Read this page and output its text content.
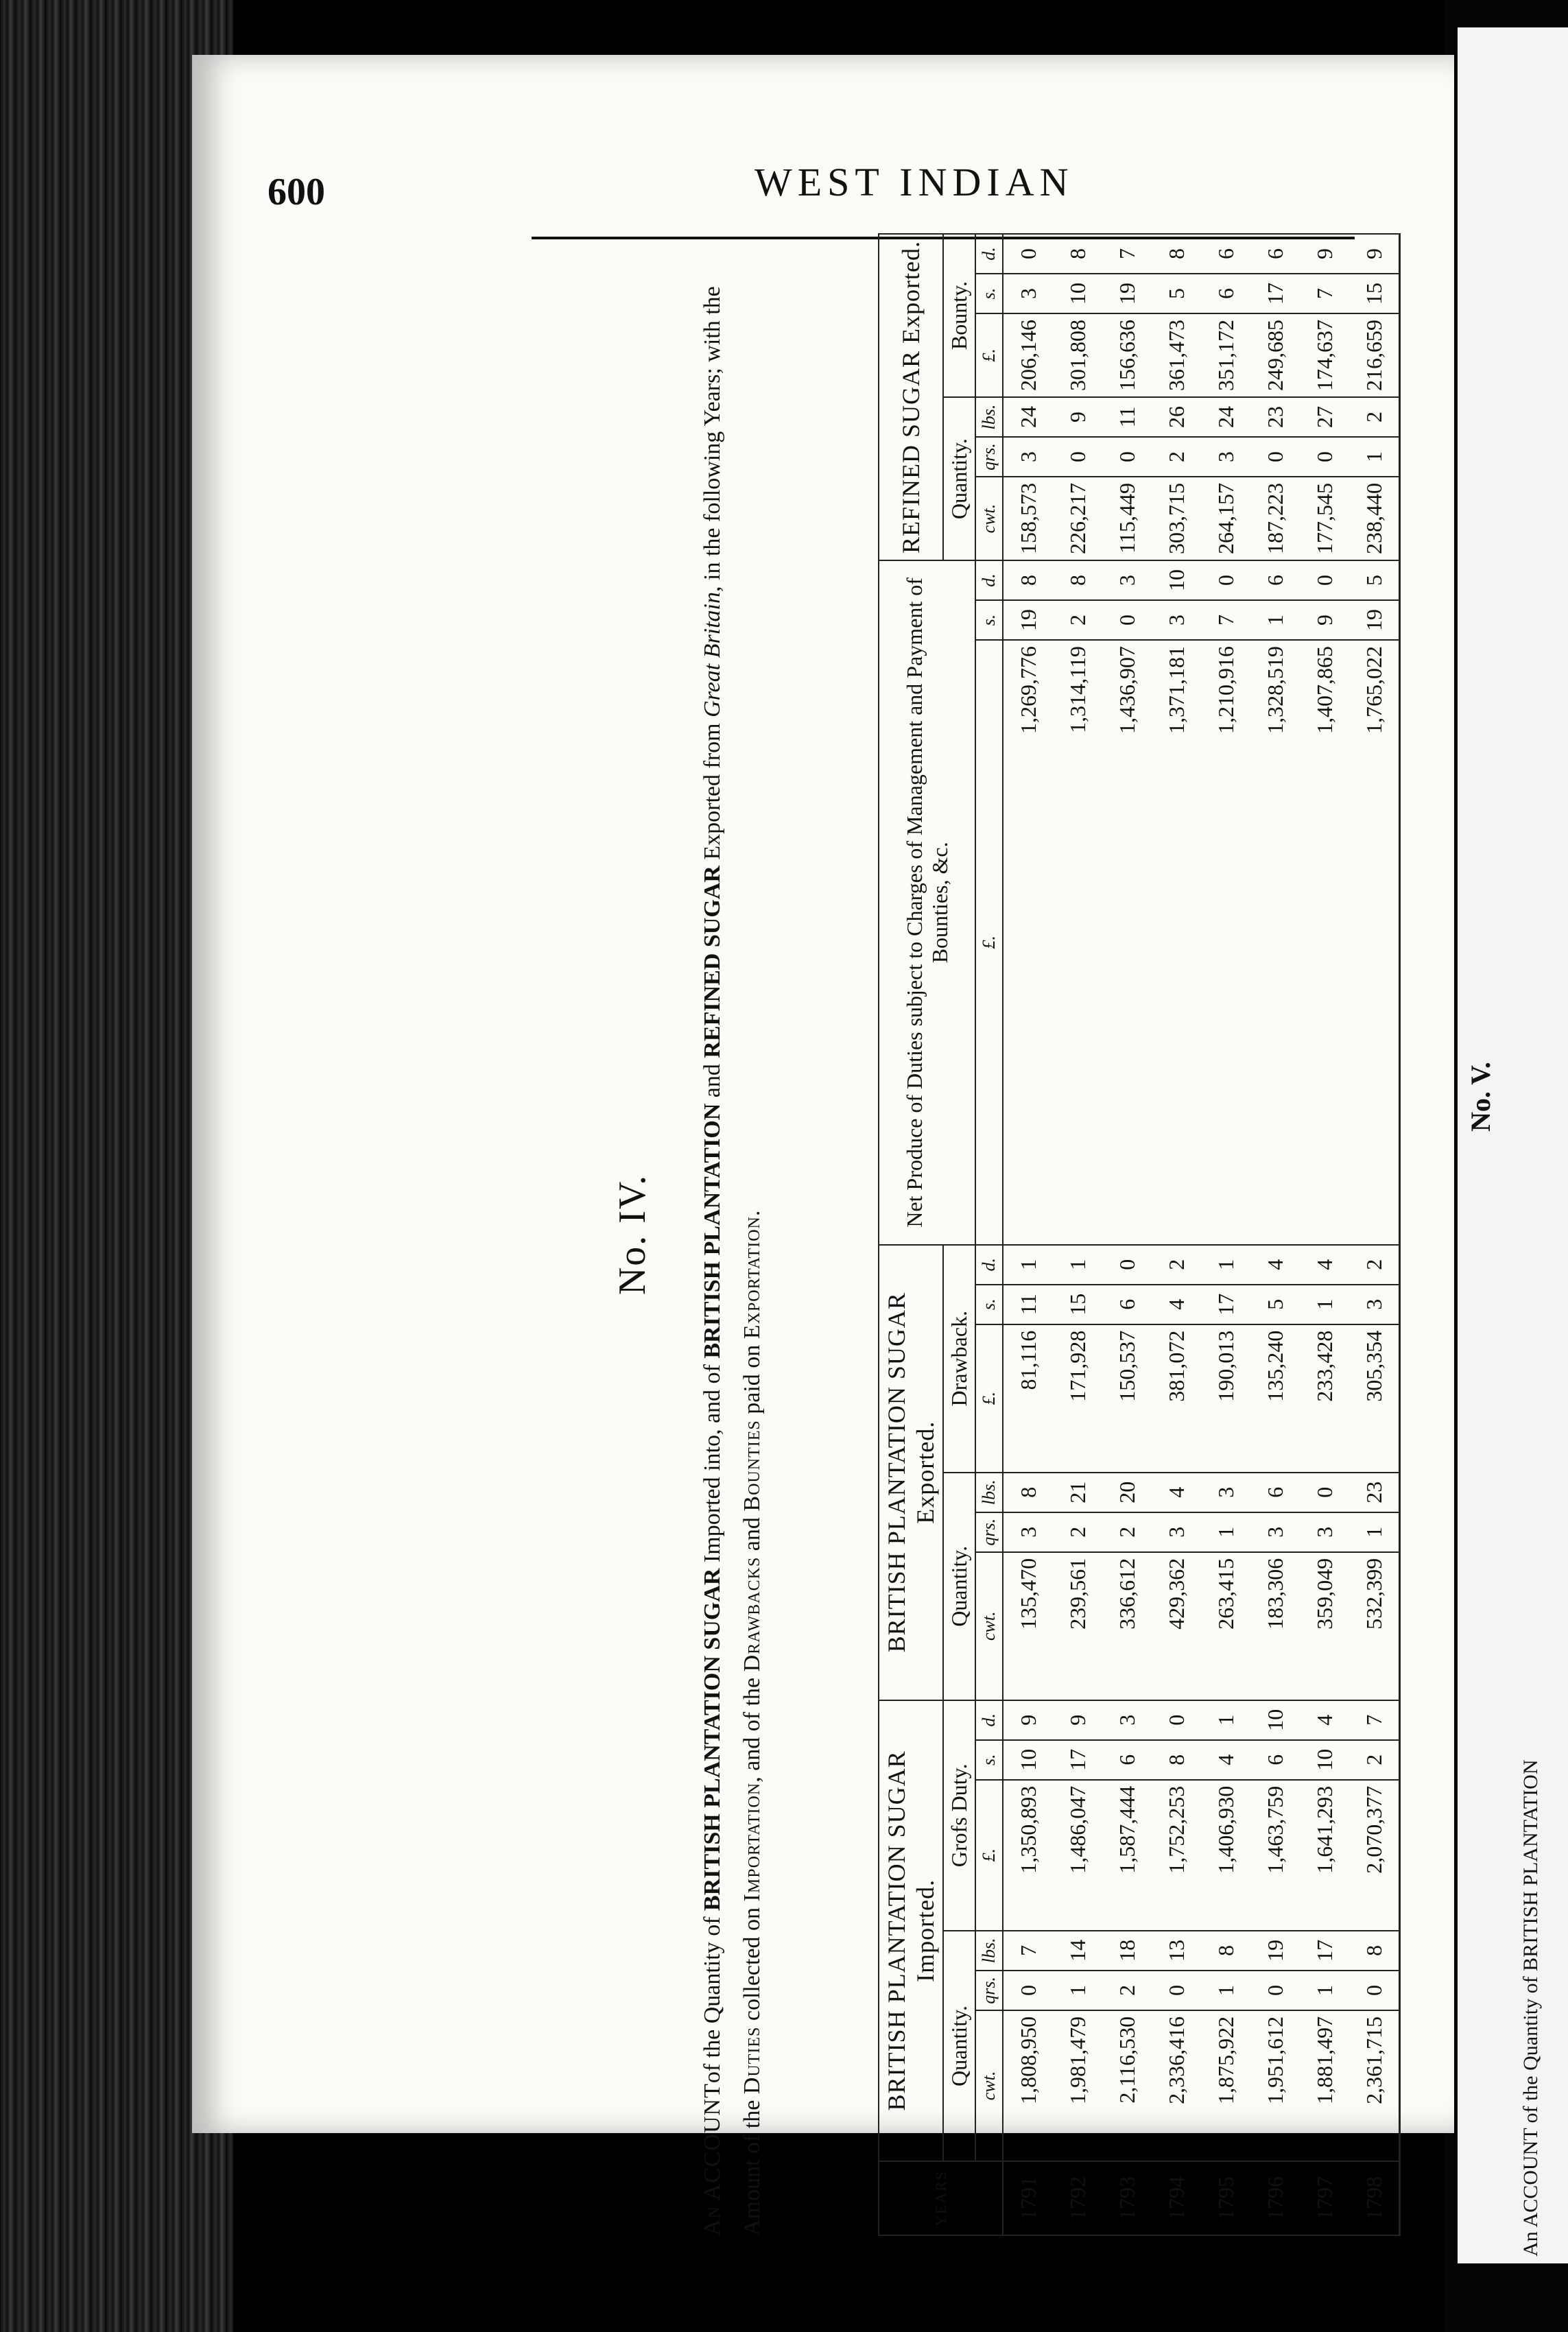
No. V.
An ACCOUNT of the Quantity of BRITISH PLANTATION
600	WEST INDIAN
No. IV.
An ACCOUNTof the Quantity of BRITISH PLANTATION SUGAR Imported into, and of BRITISH PLANTATION and REFINED SUGAR Exported from Great Britain, in the following Years; with the Amount of the Duties collected on Importation, and of the Drawbacks and Bounties paid on Exportation.
YEARS	BRITISH PLANTATION SUGAR Imported.						BRITISH PLANTATION SUGAR Exported.						Net Produce of Duties subject to Charges of Management and Payment of Bounties, &c.			REFINED SUGAR Exported.					
	Quantity.			Grofs Duty.			Quantity.			Drawback.						Quantity.			Bounty.		
	cwt.	qrs.	lbs.	£.	s.	d.	cwt.	qrs.	lbs.	£.	s.	d.	£.	s.	d.	cwt.	qrs.	lbs.	£.	s.	d.
1791	1,808,950	0	7	1,350,893	10	9	135,470	3	8	81,116	11	1	1,269,776	19	8	158,573	3	24	206,146	3	0
1792	1,981,479	1	14	1,486,047	17	9	239,561	2	21	171,928	15	1	1,314,119	2	8	226,217	0	9	301,808	10	8
1793	2,116,530	2	18	1,587,444	6	3	336,612	2	20	150,537	6	0	1,436,907	0	3	115,449	0	11	156,636	19	7
1794	2,336,416	0	13	1,752,253	8	0	429,362	3	4	381,072	4	2	1,371,181	3	10	303,715	2	26	361,473	5	8
1795	1,875,922	1	8	1,406,930	4	1	263,415	1	3	190,013	17	1	1,210,916	7	0	264,157	3	24	351,172	6	6
1796	1,951,612	0	19	1,463,759	6	10	183,306	3	6	135,240	5	4	1,328,519	1	6	187,223	0	23	249,685	17	6
1797	1,881,497	1	17	1,641,293	10	4	359,049	3	0	233,428	1	4	1,407,865	9	0	177,545	0	27	174,637	7	9
1798	2,361,715	0	8	2,070,377	2	7	532,399	1	23	305,354	3	2	1,765,022	19	5	238,440	1	2	216,659	15	9
